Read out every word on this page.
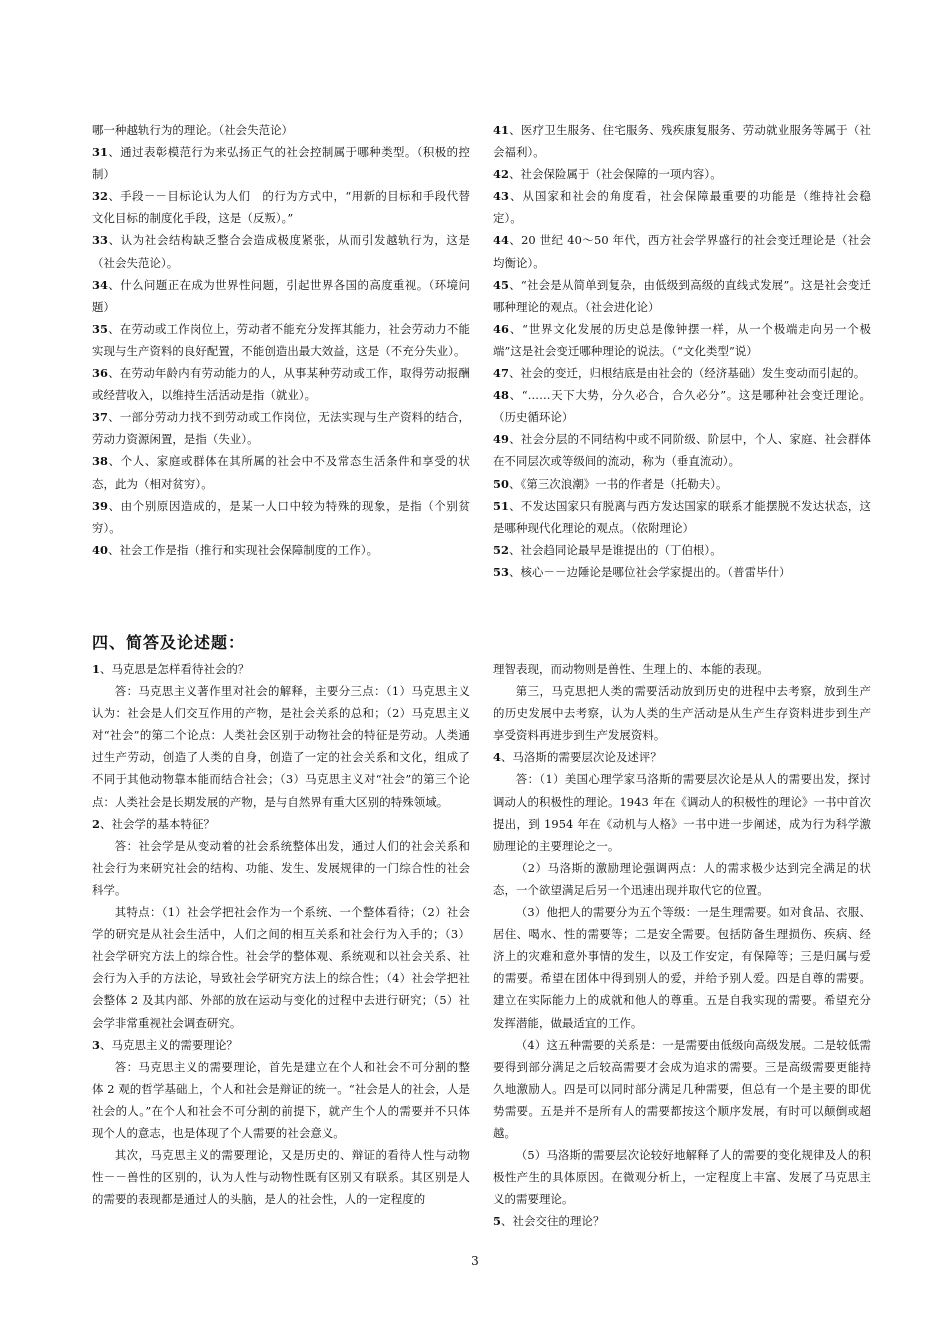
哪一种越轨行为的理论。（社会失范论）

31、通过表彰模范行为来弘扬正气的社会控制属于哪种类型。（积极的控制）

32、手段－－目标论认为人们　的行为方式中，“用新的目标和手段代替文化目标的制度化手段，这是（反叛）。”

33、认为社会结构缺乏整合会造成极度紧张，从而引发越轨行为，这是（社会失范论）。

34、什么问题正在成为世界性问题，引起世界各国的高度重视。（环境问题）

35、在劳动或工作岗位上，劳动者不能充分发挥其能力，社会劳动力不能实现与生产资料的良好配置，不能创造出最大效益，这是（不充分失业）。

36、在劳动年龄内有劳动能力的人，从事某种劳动或工作，取得劳动报酬或经营收入，以维持生活活动是指（就业）。

37、一部分劳动力找不到劳动或工作岗位，无法实现与生产资料的结合，劳动力资源闲置，是指（失业）。

38、个人、家庭或群体在其所属的社会中不及常态生活条件和享受的状态，此为（相对贫穷）。

39、由个别原因造成的，是某一人口中较为特殊的现象，是指（个别贫穷）。

40、社会工作是指（推行和实现社会保障制度的工作）。

41、医疗卫生服务、住宅服务、残疾康复服务、劳动就业服务等属于（社会福利）。

42、社会保险属于（社会保障的一项内容）。

43、从国家和社会的角度看，社会保障最重要的功能是（维持社会稳定）。

44、20 世纪 40～50 年代，西方社会学界盛行的社会变迁理论是（社会均衡论）。

45、“社会是从简单到复杂，由低级到高级的直线式发展”。这是社会变迁哪种理论的观点。（社会进化论）

46、“世界文化发展的历史总是像钟摆一样，从一个极端走向另一个极端”这是社会变迁哪种理论的说法。（“文化类型”说）

47、社会的变迁，归根结底是由社会的（经济基础）发生变动而引起的。

48、“……天下大势，分久必合，合久必分”。这是哪种社会变迁理论。（历史循环论）

49、社会分层的不同结构中或不同阶级、阶层中，个人、家庭、社会群体在不同层次或等级间的流动，称为（垂直流动）。

50、《第三次浪潮》一书的作者是（托勒夫）。

51、不发达国家只有脱离与西方发达国家的联系才能摆脱不发达状态，这是哪种现代化理论的观点。（依附理论）

52、社会趋同论最早是谁提出的（丁伯根）。

53、核心－－边陲论是哪位社会学家提出的。（普雷毕什）

四、简答及论述题：

1、马克思是怎样看待社会的？

答：马克思主义著作里对社会的解释，主要分三点：（1）马克思主义认为：社会是人们交互作用的产物，是社会关系的总和；（2）马克思主义对“社会”的第二个论点：人类社会区别于动物社会的特征是劳动。人类通过生产劳动，创造了人类的自身，创造了一定的社会关系和文化，组成了不同于其他动物靠本能而结合社会；（3）马克思主义对“社会”的第三个论点：人类社会是长期发展的产物，是与自然界有重大区别的特殊领域。

2、社会学的基本特征？

答：社会学是从变动着的社会系统整体出发，通过人们的社会关系和社会行为来研究社会的结构、功能、发生、发展规律的一门综合性的社会科学。

其特点：（1）社会学把社会作为一个系统、一个整体看待；（2）社会学的研究是从社会生活中，人们之间的相互关系和社会行为入手的；（3）社会学研究方法上的综合性。社会学的整体观、系统观和以社会关系、社会行为入手的方法论，导致社会学研究方法上的综合性；（4）社会学把社会整体 2 及其内部、外部的放在运动与变化的过程中去进行研究；（5）社会学非常重视社会调查研究。

3、马克思主义的需要理论？

答：马克思主义的需要理论，首先是建立在个人和社会不可分割的整体 2 观的哲学基础上，个人和社会是辩证的统一。“社会是人的社会，人是社会的人。”在个人和社会不可分割的前提下，就产生个人的需要并不只体现个人的意志，也是体现了个人需要的社会意义。

其次，马克思主义的需要理论，又是历史的、辩证的看待人性与动物性－－兽性的区别的，认为人性与动物性既有区别又有联系。其区别是人的需要的表现都是通过人的头脑，是人的社会性，人的一定程度的

理智表现，而动物则是兽性、生理上的、本能的表现。

第三，马克思把人类的需要活动放到历史的进程中去考察，放到生产的历史发展中去考察，认为人类的生产活动是从生产生存资料进步到生产享受资料再进步到生产发展资料。

4、马洛斯的需要层次论及述评？

答：（1）美国心理学家马洛斯的需要层次论是从人的需要出发，探讨调动人的积极性的理论。1943 年在《调动人的积极性的理论》一书中首次提出，到 1954 年在《动机与人格》一书中进一步阐述，成为行为科学激励理论的主要理论之一。

（2）马洛斯的激励理论强调两点：人的需求极少达到完全满足的状态，一个欲望满足后另一个迅速出现并取代它的位置。

（3）他把人的需要分为五个等级：一是生理需要。如对食品、衣服、居住、喝水、性的需要等；二是安全需要。包括防备生理损伤、疾病、经济上的灾难和意外事情的发生，以及工作安定，有保障等；三是归属与爱的需要。希望在团体中得到别人的爱，并给予别人爱。四是自尊的需要。建立在实际能力上的成就和他人的尊重。五是自我实现的需要。希望充分发挥潜能，做最适宜的工作。

（4）这五种需要的关系是：一是需要由低级向高级发展。二是较低需要得到部分满足之后较高需要才会成为追求的需要。三是高级需要更能持久地激励人。四是可以同时部分满足几种需要，但总有一个是主要的即优势需要。五是并不是所有人的需要都按这个顺序发展，有时可以颠倒或超越。

（5）马洛斯的需要层次论较好地解释了人的需要的变化规律及人的积极性产生的具体原因。在微观分析上，一定程度上丰富、发展了马克思主义的需要理论。

5、社会交往的理论？

3
